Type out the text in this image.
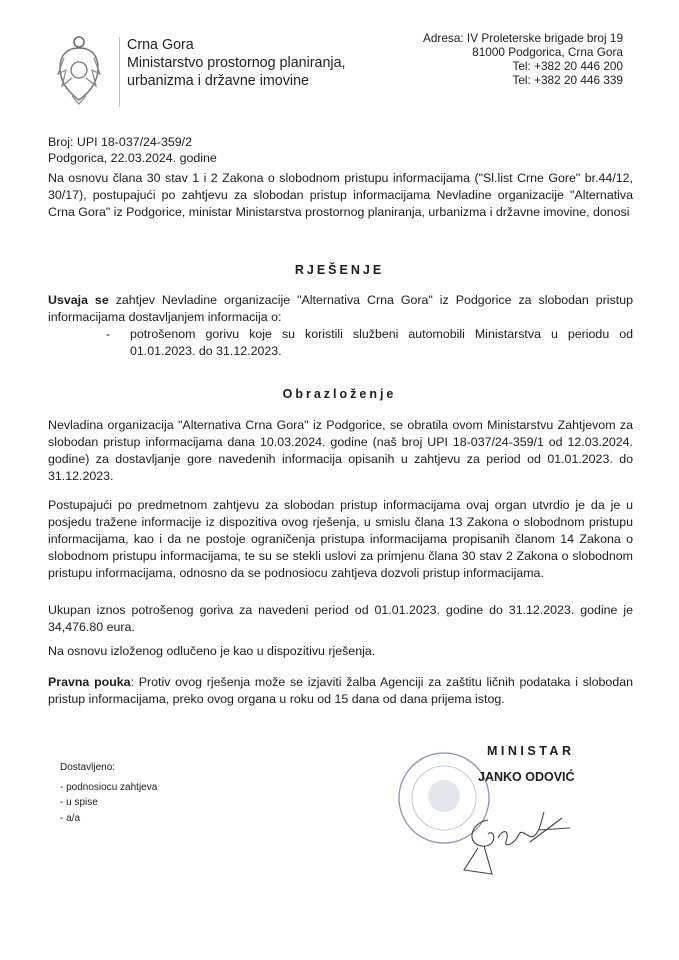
Crna Gora
Ministarstvo prostornog planiranja,
urbanizma i državne imovine
Adresa: IV Proleterske brigade broj 19
81000 Podgorica, Crna Gora
Tel: +382 20 446 200
Tel: +382 20 446 339
Broj: UPI 18-037/24-359/2
Podgorica, 22.03.2024. godine
Na osnovu člana 30 stav 1 i 2 Zakona o slobodnom pristupu informacijama ("Sl.list Crne Gore" br.44/12, 30/17), postupajući po zahtjevu za slobodan pristup informacijama Nevladine organizacije "Alternativa Crna Gora" iz Podgorice, ministar Ministarstva prostornog planiranja, urbanizma i državne imovine, donosi
RJEŠENJE
Usvaja se zahtjev Nevladine organizacije "Alternativa Crna Gora" iz Podgorice za slobodan pristup informacijama dostavljanjem informacija o:
- potrošenom gorivu koje su koristili službeni automobili Ministarstva u periodu od 01.01.2023. do 31.12.2023.
Obrazloženje
Nevladina organizacija "Alternativa Crna Gora" iz Podgorice, se obratila ovom Ministarstvu Zahtjevom za slobodan pristup informacijama dana 10.03.2024. godine (naš broj UPI 18-037/24-359/1 od 12.03.2024. godine) za dostavljanje gore navedenih informacija opisanih u zahtjevu za period od 01.01.2023. do 31.12.2023.
Postupajući po predmetnom zahtjevu za slobodan pristup informacijama ovaj organ utvrdio je da je u posjedu tražene informacije iz dispozitiva ovog rješenja, u smislu člana 13 Zakona o slobodnom pristupu informacijama, kao i da ne postoje ograničenja pristupa informacijama propisanih članom 14 Zakona o slobodnom pristupu informacijama, te su se stekli uslovi za primjenu člana 30 stav 2 Zakona o slobodnom pristupu informacijama, odnosno da se podnosiocu zahtjeva dozvoli pristup informacijama.
Ukupan iznos potrošenog goriva za navedeni period od 01.01.2023. godine do 31.12.2023. godine je 34,476.80 eura.
Na osnovu izloženog odlučeno je kao u dispozitivu rješenja.
Pravna pouka: Protiv ovog rješenja može se izjaviti žalba Agenciji za zaštitu ličnih podataka i slobodan pristup informacijama, preko ovog organa u roku od 15 dana od dana prijema istog.
MINISTAR
JANKO ODOVIĆ
Dostavljeno:
- podnosiocu zahtjeva
- u spise
- a/a
